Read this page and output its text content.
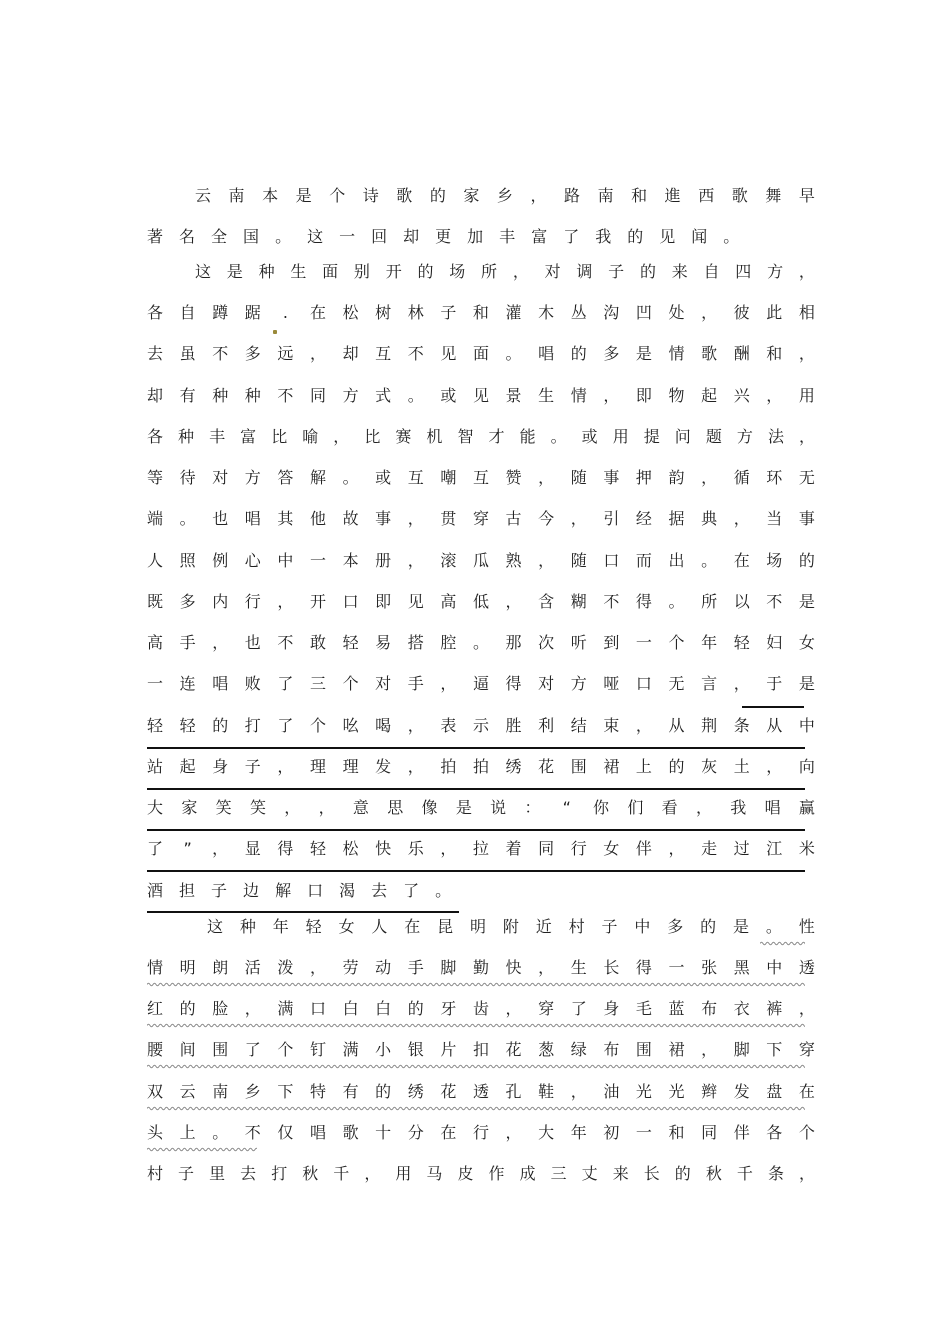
云 南 本 是 个 诗 歌 的 家 乡 ， 路 南 和 進 西 歌 舞 早
著 名 全 国 。 这 一 回 却 更 加 丰 富 了 我 的 见 闻 。
这 是 种 生 面 别 开 的 场 所 ， 对 调 子 的 来 自 四 方 ，
各 自 蹲 踞	.	在 松 树 林 子 和 灌 木 丛 沟 凹 处 ， 彼 此 相
去 虽 不 多 远 ， 却 互 不 见 面 。 唱 的 多 是 情 歌 酬 和 ，
却 有 种 种 不 同 方 式 。 或 见 景 生 情 ， 即 物 起 兴 ， 用
各 种 丰 富 比 喻 ， 比 赛 机 智 才 能 。 或 用 提 问 题 方 法 ，
等 待 对 方 答 解 。 或 互 嘲 互 赞 ， 随 事 押 韵 ， 循 环 无
端 。 也 唱 其 他 故 事 ， 贯 穿 古 今 ， 引 经 据 典 ， 当 事
人 照 例 心 中 一 本 册 ， 滚 瓜 熟 ， 随 口 而 出 。 在 场 的
既 多 内 行 ， 开 口 即 见 高 低 ， 含 糊 不 得 。 所 以 不 是
高 手 ， 也 不 敢 轻 易 搭 腔 。 那 次 听 到 一 个 年 轻 妇 女
一 连 唱 败 了 三 个 对 手 ， 逼 得 对 方 哑 口 无 言 ， 于 是
轻 轻 的 打 了 个 吆 喝 ， 表 示 胜 利 结 束 ， 从 荆 条 从 中
站 起 身 子 ， 理 理 发 ， 拍 拍 绣 花 围 裙 上 的 灰 土 ， 向
大 家 笑 笑 ， ， 意 思 像 是 说 ： “ 你 们 看 ， 我 唱 赢
了 ” ， 显 得 轻 松 快 乐 ， 拉 着 同 行 女 伴 ， 走 过 江 米
酒 担 子 边 解 口 渴 去 了 。
这 种 年 轻 女 人 在 昆 明 附 近 村 子 中 多 的 是 。 性
情 明 朗 活 泼 ， 劳 动 手 脚 勤 快 ， 生 长 得 一 张 黑 中 透
红 的 脸 ， 满 口 白 白 的 牙 齿 ， 穿 了 身 毛 蓝 布 衣 裤 ，
腰 间 围 了 个 钉 满 小 银 片 扣 花 葱 绿 布 围 裙 ， 脚 下 穿
双 云 南 乡 下 特 有 的 绣 花 透 孔 鞋 ， 油 光 光 辫 发 盘 在
头 上 。 不 仅 唱 歌 十 分 在 行 ， 大 年 初 一 和 同 伴 各 个
村 子 里 去 打 秋 千 ， 用 马 皮 作 成 三 丈 来 长 的 秋 千 条 ，
